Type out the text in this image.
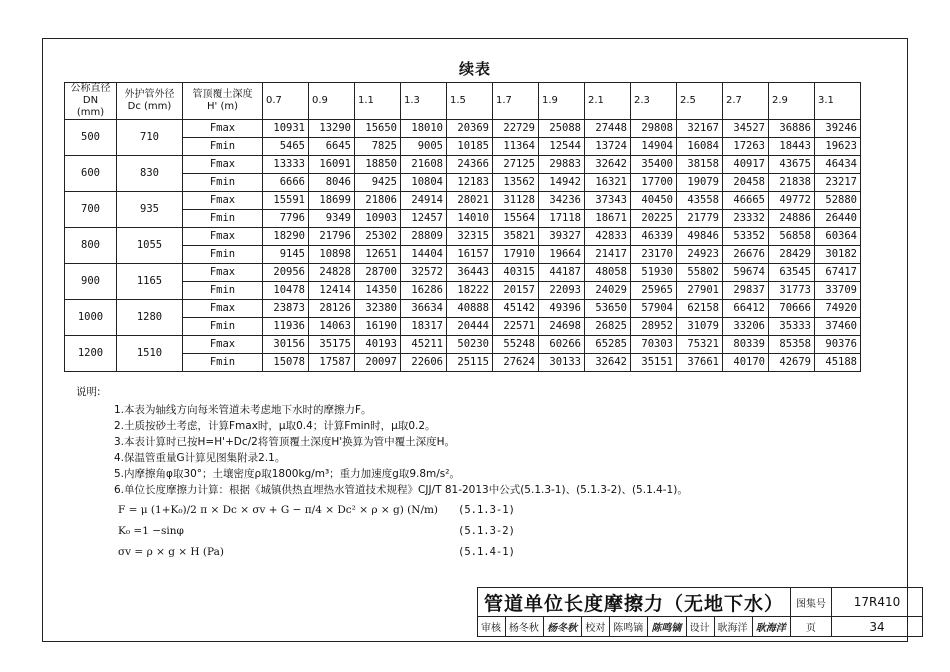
续表
公称直径 DN (mm)	外护管外径 Dc (mm)	管顶覆土深度 H' (m)	0.7	0.9	1.1	1.3	1.5	1.7	1.9	2.1	2.3	2.5	2.7	2.9	3.1
500	710	Fmax	10931	13290	15650	18010	20369	22729	25088	27448	29808	32167	34527	36886	39246
		Fmin	5465	6645	7825	9005	10185	11364	12544	13724	14904	16084	17263	18443	19623
600	830	Fmax	13333	16091	18850	21608	24366	27125	29883	32642	35400	38158	40917	43675	46434
		Fmin	6666	8046	9425	10804	12183	13562	14942	16321	17700	19079	20458	21838	23217
700	935	Fmax	15591	18699	21806	24914	28021	31128	34236	37343	40450	43558	46665	49772	52880
		Fmin	7796	9349	10903	12457	14010	15564	17118	18671	20225	21779	23332	24886	26440
800	1055	Fmax	18290	21796	25302	28809	32315	35821	39327	42833	46339	49846	53352	56858	60364
		Fmin	9145	10898	12651	14404	16157	17910	19664	21417	23170	24923	26676	28429	30182
900	1165	Fmax	20956	24828	28700	32572	36443	40315	44187	48058	51930	55802	59674	63545	67417
		Fmin	10478	12414	14350	16286	18222	20157	22093	24029	25965	27901	29837	31773	33709
1000	1280	Fmax	23873	28126	32380	36634	40888	45142	49396	53650	57904	62158	66412	70666	74920
		Fmin	11936	14063	16190	18317	20444	22571	24698	26825	28952	31079	33206	35333	37460
1200	1510	Fmax	30156	35175	40193	45211	50230	55248	60266	65285	70303	75321	80339	85358	90376
		Fmin	15078	17587	20097	22606	25115	27624	30133	32642	35151	37661	40170	42679	45188
说明:
1.本表为轴线方向每米管道未考虑地下水时的摩擦力F。
2.土质按砂土考虑，计算Fmax时，μ取0.4；计算Fmin时，μ取0.2。
3.本表计算时已按H=H'+Dc/2将管顶覆土深度H'换算为管中覆土深度H。
4.保温管重量G计算见图集附录2.1。
5.内摩擦角φ取30°；土壤密度ρ取1800kg/m³；重力加速度g取9.8m/s²。
6.单位长度摩擦力计算：根据《城镇供热直埋热水管道技术规程》CJJ/T 81-2013中公式(5.1.3-1)、(5.1.3-2)、(5.1.4-1)。
F = μ (1+K₀)/2 π × Dc × σv + G − π/4 × Dc² × ρ × g) (N/m) (5.1.3-1)
K₀ =1 −sinφ	(5.1.3-2)
σv = ρ × g × H (Pa)	(5.1.4-1)
管道单位长度摩擦力（无地下水）									图集号	17R410
审核	杨冬秋	杨冬秋	校对	陈鸣镝	陈鸣镝	设计	耿海洋	耿海洋	页	34
